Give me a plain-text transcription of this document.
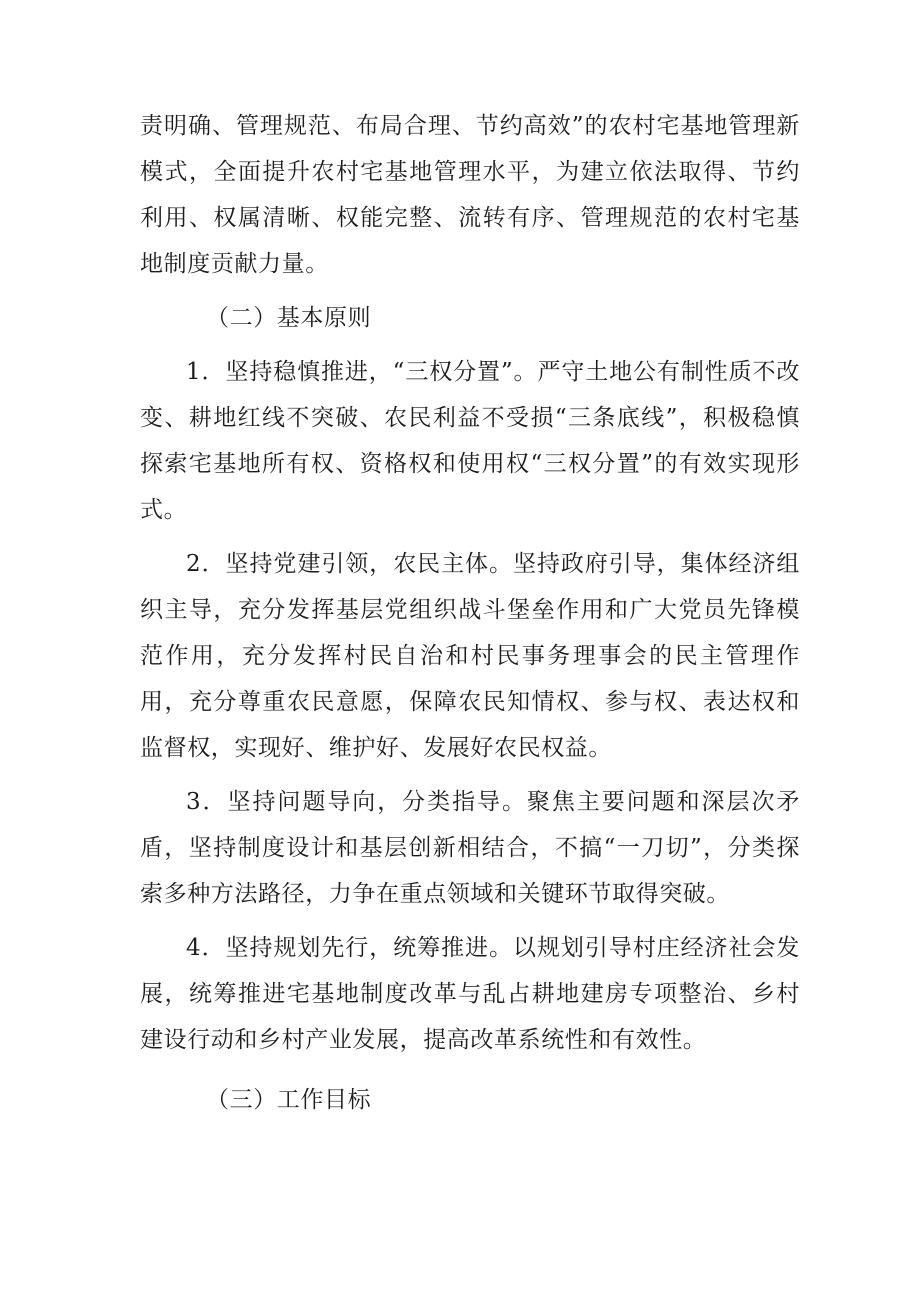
责明确、管理规范、布局合理、节约高效”的农村宅基地管理新模式，全面提升农村宅基地管理水平，为建立依法取得、节约利用、权属清晰、权能完整、流转有序、管理规范的农村宅基地制度贡献力量。

（二）基本原则

1．坚持稳慎推进，“三权分置”。严守土地公有制性质不改变、耕地红线不突破、农民利益不受损“三条底线”，积极稳慎探索宅基地所有权、资格权和使用权“三权分置”的有效实现形式。

2．坚持党建引领，农民主体。坚持政府引导，集体经济组织主导，充分发挥基层党组织战斗堡垒作用和广大党员先锋模范作用，充分发挥村民自治和村民事务理事会的民主管理作用，充分尊重农民意愿，保障农民知情权、参与权、表达权和监督权，实现好、维护好、发展好农民权益。

3．坚持问题导向，分类指导。聚焦主要问题和深层次矛盾，坚持制度设计和基层创新相结合，不搞“一刀切”，分类探索多种方法路径，力争在重点领域和关键环节取得突破。

4．坚持规划先行，统筹推进。以规划引导村庄经济社会发展，统筹推进宅基地制度改革与乱占耕地建房专项整治、乡村建设行动和乡村产业发展，提高改革系统性和有效性。

（三）工作目标
